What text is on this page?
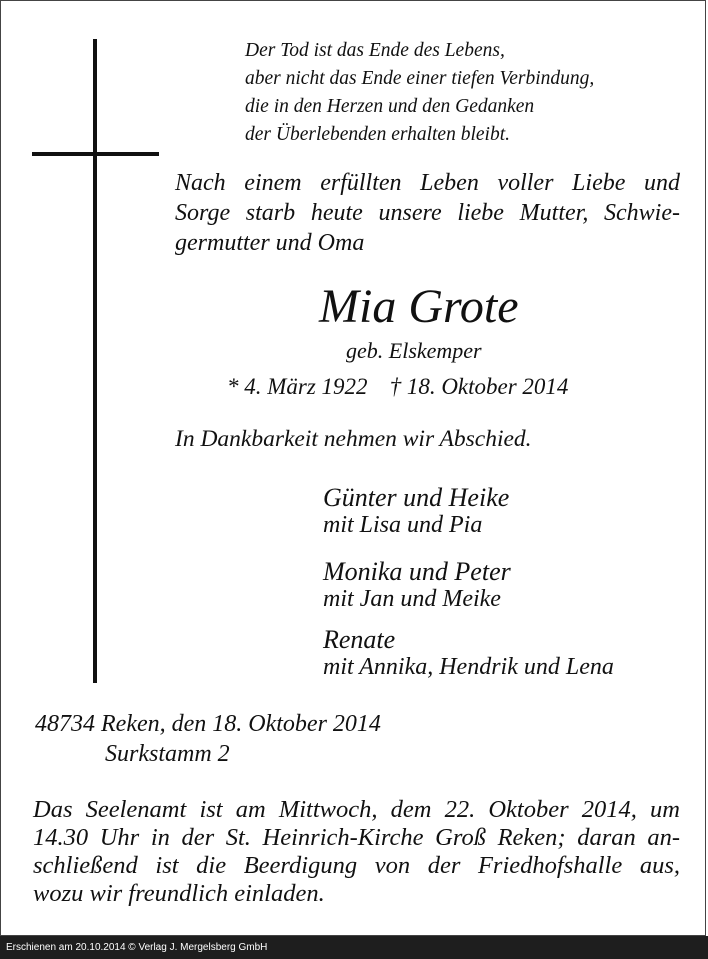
Der Tod ist das Ende des Lebens,
aber nicht das Ende einer tiefen Verbindung,
die in den Herzen und den Gedanken
der Überlebenden erhalten bleibt.

Nach einem erfüllten Leben voller Liebe und
Sorge starb heute unsere liebe Mutter, Schwie-
germutter und Oma

Mia Grote
geb. Elskemper
* 4. März 1922 † 18. Oktober 2014
In Dankbarkeit nehmen wir Abschied.
Günter und Heike
mit Lisa und Pia
Monika und Peter
mit Jan und Meike
Renate
mit Annika, Hendrik und Lena

48734 Reken, den 18. Oktober 2014
Surkstamm 2

Das Seelenamt ist am Mittwoch, dem 22. Oktober 2014, um
14.30 Uhr in der St. Heinrich-Kirche Groß Reken; daran an-
schließend ist die Beerdigung von der Friedhofshalle aus,
wozu wir freundlich einladen.

Erschienen am 20.10.2014 © Verlag J. Mergelsberg GmbH
